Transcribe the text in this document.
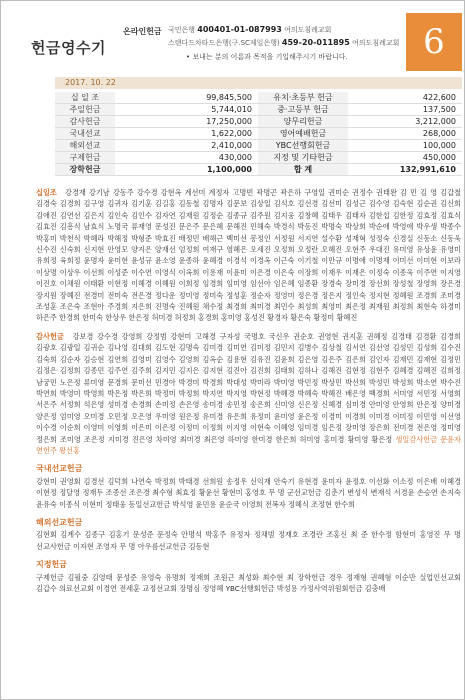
헌금영수기
온라인헌금 국민은행 400401-01-087993 여의도침례교회
스탠다드차타드은행(구.SC제일은행) 459-20-011895 여의도침례교회
• 보내는 분의 이름과 목적을 기입해주시기 바랍니다.	6
2017. 10. 22
십 일 조	99,845,500	유치·초등부 헌금	422,600
주일헌금	5,744,010	중·고등부 헌금	137,500
감사헌금	17,250,000	양무리헌금	3,212,000
국내선교	1,622,000	영어예배헌금	268,000
해외선교	2,410,000	YBC선행회헌금	100,000
구제헌금	430,000	지정 및 기타헌금	450,000
장학헌금	1,100,000	합 계	132,991,610
십일조 강경재 강기남 강동주 강수경 강현옥 계선미 계정자 고명빈 곽명곤 곽은하 구영일 권미순 권정수 권태완 김 민 김 영 김갑철 김경숙 김경희 김구영 김귀자 김기훈 김길홍 김동철 김명자 김문보 김상일 김석호 김선경 김선미 김성근 김수영 김숙현 김순권 김신희 김애진 김연선 김은지 김인숙 김인수 김자연 김재원 김정순 김종규 김주원 김지웅 김창혜 김태우 김태자 김한섭 김한정 김효정 김효식 김효진 김흥식 남효식 노명국 류재영 문성진 문은주 문은혜 문해진 민해숙 박경식 박동진 박명숙 박상희 박순애 박영애 박우생 박종수 박홍미 박천식 박혜라 박해정 박형준 박효진 배정민 배해근 백미선 봉정인 서정원 서지연 설수환 성재혁 성정숙 신경실 신동소 신동욱 신수진 신숙희 신지현 안영모 양지은 양재선 엄정희 여재구 염혜은 오세진 오정희 오정란 오혜진 오현주 우대진 유미영 유상윤 유영미 유희정 육희정 윤명자 윤미현 윤성규 윤소영 윤종하 윤혜경 이경석 이경옥 이근숙 이기철 이만규 이명애 이명재 이미선 이미현 이보라 이상명 이상우 이선희 이성준 이수연 이영식 이옥희 이용재 이윤미 이은경 이은숙 이장희 이재우 이재은 이정숙 이종욱 이주연 이지영 이진호 이채원 이태환 이현정 이혜경 이혜원 이희정 임경희 임미영 임선아 임은혜 임종환 장경숙 장미경 장선희 장성철 장영희 장은경 장지원 장혜진 전경미 전미숙 전은경 정다운 정미영 정미숙 정성훈 정순자 정영미 정은경 정은지 정인숙 정지현 정혜원 조경희 조미경 조성훈 조은숙 조현아 주경희 지은희 진명숙 진혜원 채수정 최경희 최미경 최민수 최성희 최영미 최은정 최재원 최정희 최현숙 하경미 하은주 한경희 한미숙 한상우 한은정 허미경 허정희 홍경희 홍미영 홍성진 황경자 황은숙 황정미 황혜진
감사헌금 강보경 강수경 강영희 강정범 강현미 고해경 구자성 국명호 국신우 권순호 권영현 권지훈 권혜정 김경태 김경환 김경희 김광호 김광일 김귀순 김나영 김대희 김도현 김명숙 김미경 김미연 김미정 김민지 김병수 김상철 김서연 김선영 김성민 김성희 김수진 김숙희 김순자 김승현 김연희 김영미 김영수 김영희 김옥순 김용현 김유진 김윤희 김은영 김은주 김은희 김인자 김재민 김재현 김정민 김정은 김정희 김종민 김주연 김주희 김지민 김지은 김지현 김진아 김진희 김태희 김하나 김해진 김현정 김현주 김혜경 김혜진 김희정 남궁민 노은정 류미영 문경희 문미선 민경아 박경미 박경희 박대성 박미라 박미영 박민정 박상민 박선희 박성민 박성희 박소연 박수진 박연희 박영미 박영희 박은정 박은희 박정미 박정희 박지연 박지영 박현정 박혜경 박혜숙 박혜진 배은영 백경희 서미영 서민정 서영희 서은주 서정희 석은영 성미경 손경희 손미정 손은영 송미경 송민정 송은희 신미영 신은정 신혜경 심미경 안미영 안영희 안은정 양미경 양은정 엄미영 오미경 오민정 오은영 우미영 원은정 유미경 유은희 유정미 윤미영 윤은정 이경미 이경희 이미경 이미정 이민영 이선영 이수경 이순희 이영미 이영희 이은미 이은정 이정미 이정희 이지영 이현숙 이혜영 임미경 임은정 장미영 장은희 전미경 전은영 정미영 정은희 조미영 조은정 지미경 진은영 차미영 최미경 최은영 하미영 한미경 한은희 허미영 홍미경 황미영 황은정 생일감사헌금 문윤자 연헌주 왕선홍
국내선교헌금
강현미 권영회 김경선 김덕희 나연숙 박정희 박태경 선희원 송정우 신익재 안숙기 유현경 윤미자 윤정호 이선화 이소정 이은배 이혜경 이현정 정달영 정재두 조종선 조은경 최수형 최효정 황윤선 황현미 홍영호 무 명 군선교헌금 김춘기 변성식 변재석 서경윤 손승연 손지숙 윤유숙 이종식 이현미 정태웅 동일선교헌금 박석영 윤민용 윤순국 이영희 전복자 정혜식 조정현 한수희
해외선교헌금
김현회 김계수 김종구 김홍기 문성준 문정숙 안명석 박홍주 유정자 정채범 정재호 조경란 조홍신 최 준 한수정 함현미 홍영진 무 명 선교사헌금 이자현 조영자 무 명 아우름선교헌금 김동현
지정헌금
구제헌금 김필중 김영태 문성준 유영숙 유명희 정재희 조원근 최성화 최수현 최 장학헌금 경우 정재형 권혜형 이순만 실업인선교회 김갑수 의료선교회 이경연 전세훈 교정선교회 장명심 정영혜 YBC선행회헌금 박성용 가정사역위원회헌금 김충배
